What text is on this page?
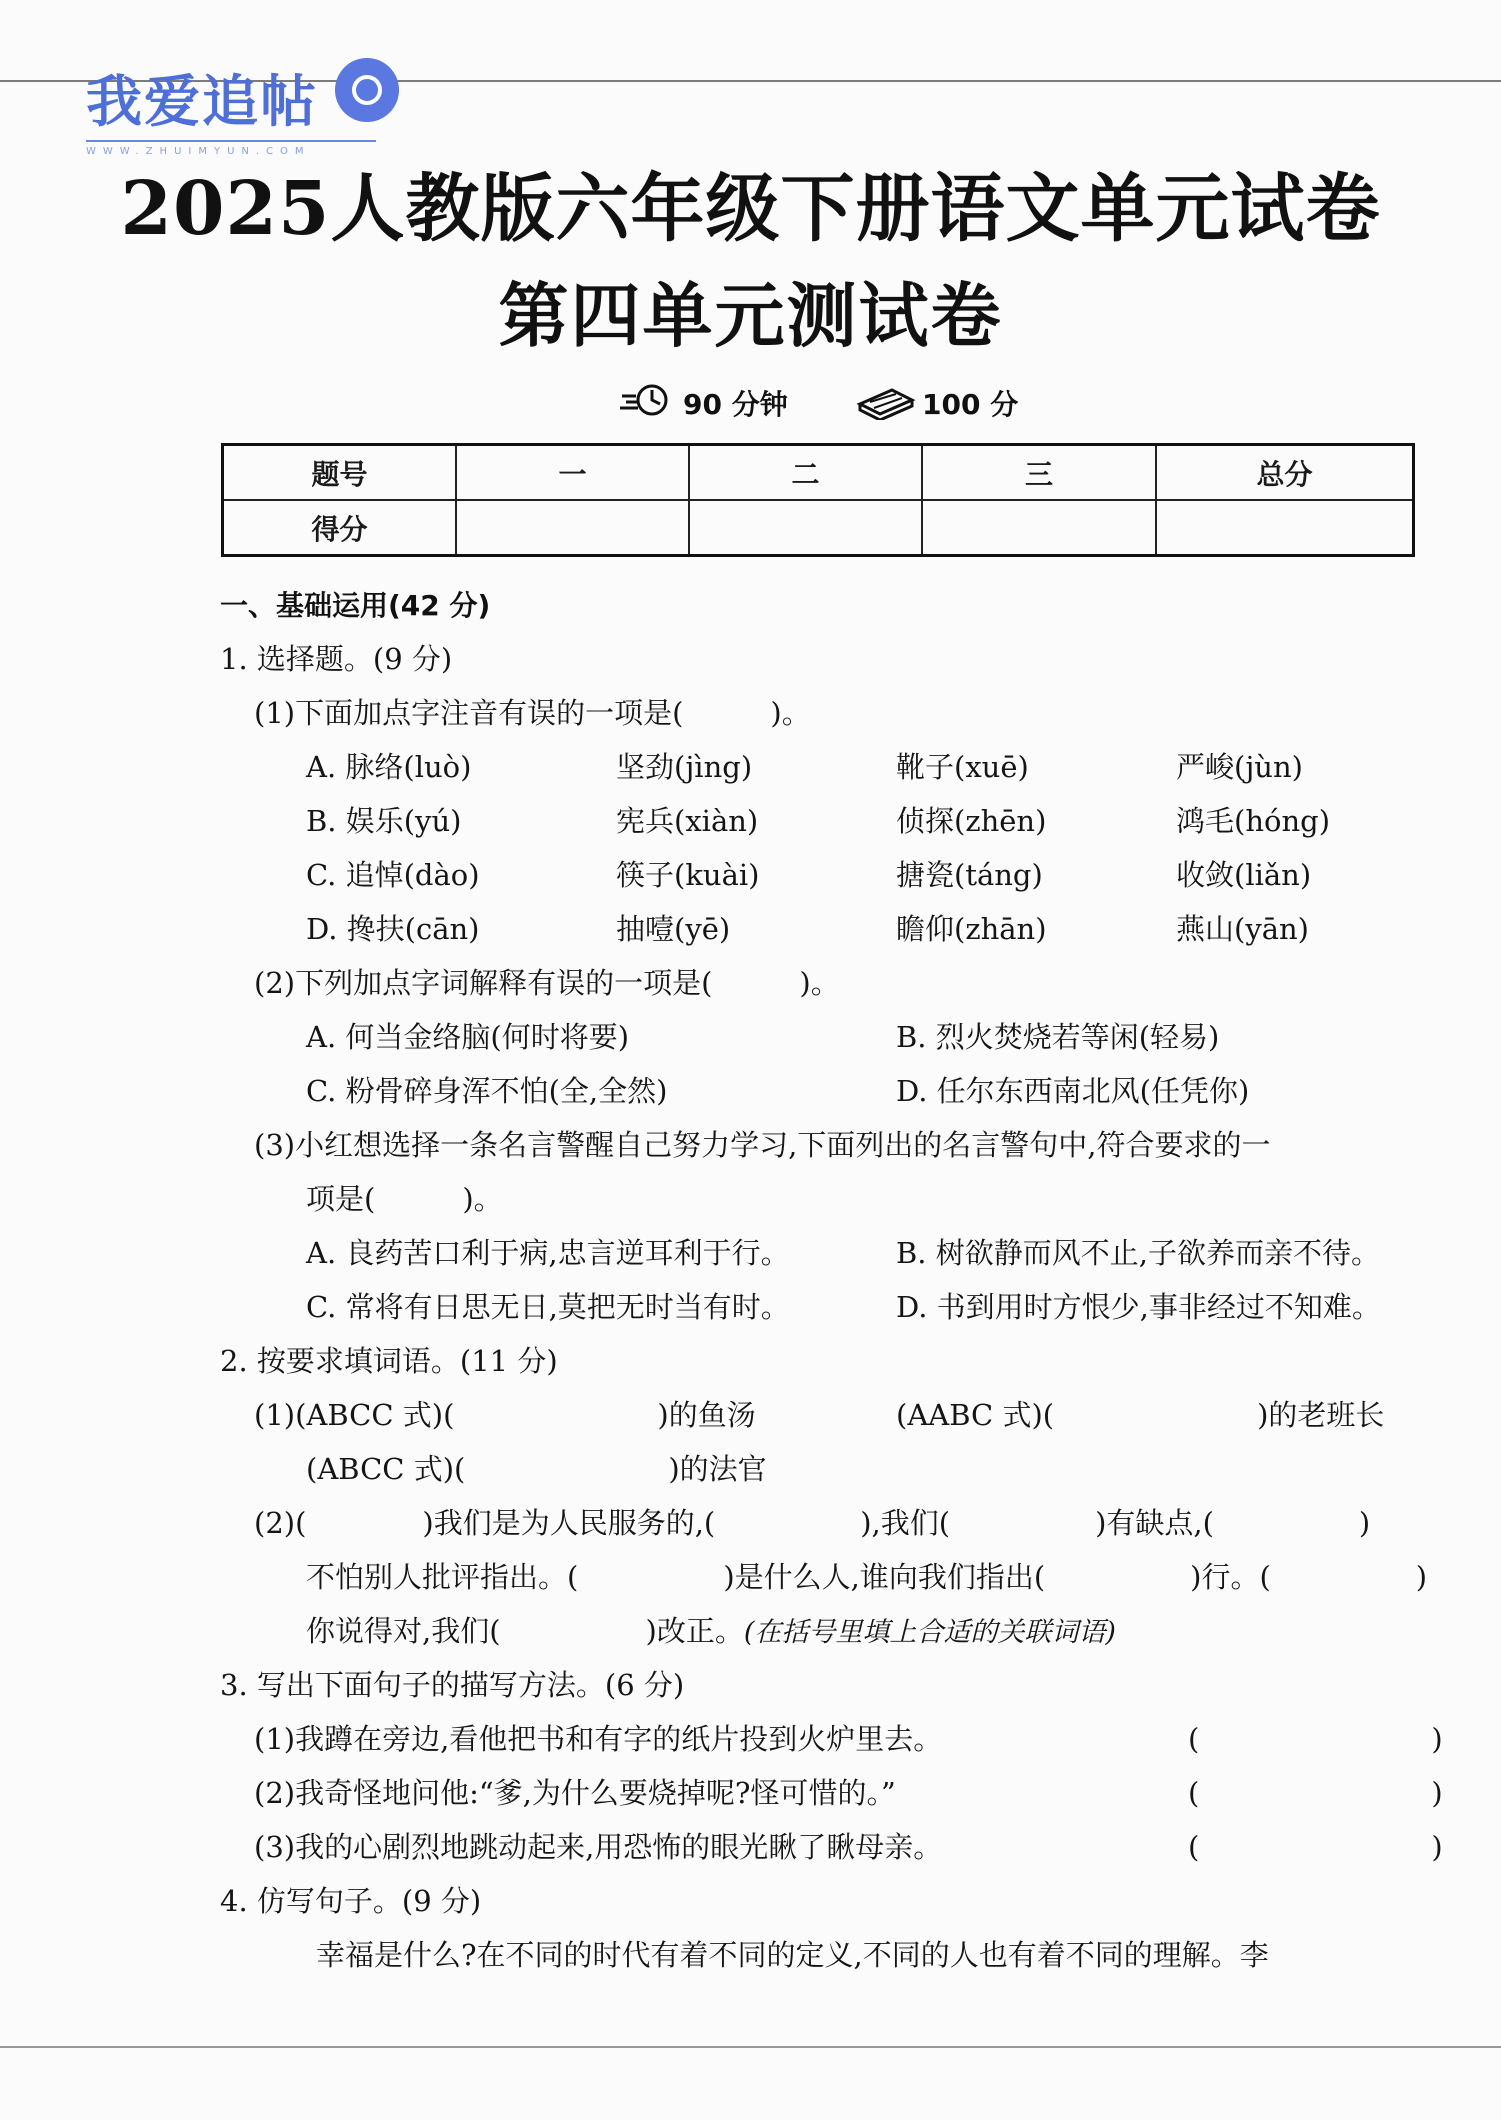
我爱追帖
WWW.ZHUIMYUN.COM
2025人教版六年级下册语文单元试卷
第四单元测试卷
90 分钟	100 分
题号	一	二	三	总分
得分				
一、基础运用(42 分)
1. 选择题。(9 分)
(1)下面加点字注音有误的一项是(　　　)。
A. 脉络(luò)	坚劲(jìng)	靴子(xuē)	严峻(jùn)
B. 娱乐(yú)	宪兵(xiàn)	侦探(zhēn)	鸿毛(hóng)
C. 追悼(dào)	筷子(kuài)	搪瓷(táng)	收敛(liǎn)
D. 搀扶(cān)	抽噎(yē)	瞻仰(zhān)	燕山(yān)
(2)下列加点字词解释有误的一项是(　　　)。
A. 何当金络脑(何时将要)	B. 烈火焚烧若等闲(轻易)
C. 粉骨碎身浑不怕(全,全然)	D. 任尔东西南北风(任凭你)
(3)小红想选择一条名言警醒自己努力学习,下面列出的名言警句中,符合要求的一
项是(　　　)。
A. 良药苦口利于病,忠言逆耳利于行。	B. 树欲静而风不止,子欲养而亲不待。
C. 常将有日思无日,莫把无时当有时。	D. 书到用时方恨少,事非经过不知难。
2. 按要求填词语。(11 分)
(1)(ABCC 式)(　　　　　　　)的鱼汤	(AABC 式)(　　　　　　　)的老班长
(ABCC 式)(　　　　　　　)的法官
(2)(　　　　)我们是为人民服务的,(　　　　　),我们(　　　　　)有缺点,(　　　　　)
不怕别人批评指出。(　　　　　)是什么人,谁向我们指出(　　　　　)行。(　　　　　)
你说得对,我们(　　　　　)改正。(在括号里填上合适的关联词语)
3. 写出下面句子的描写方法。(6 分)
(1)我蹲在旁边,看他把书和有字的纸片投到火炉里去。	(　　　　　　　　)
(2)我奇怪地问他:“爹,为什么要烧掉呢?怪可惜的。”	(　　　　　　　　)
(3)我的心剧烈地跳动起来,用恐怖的眼光瞅了瞅母亲。	(　　　　　　　　)
4. 仿写句子。(9 分)
幸福是什么?在不同的时代有着不同的定义,不同的人也有着不同的理解。李
